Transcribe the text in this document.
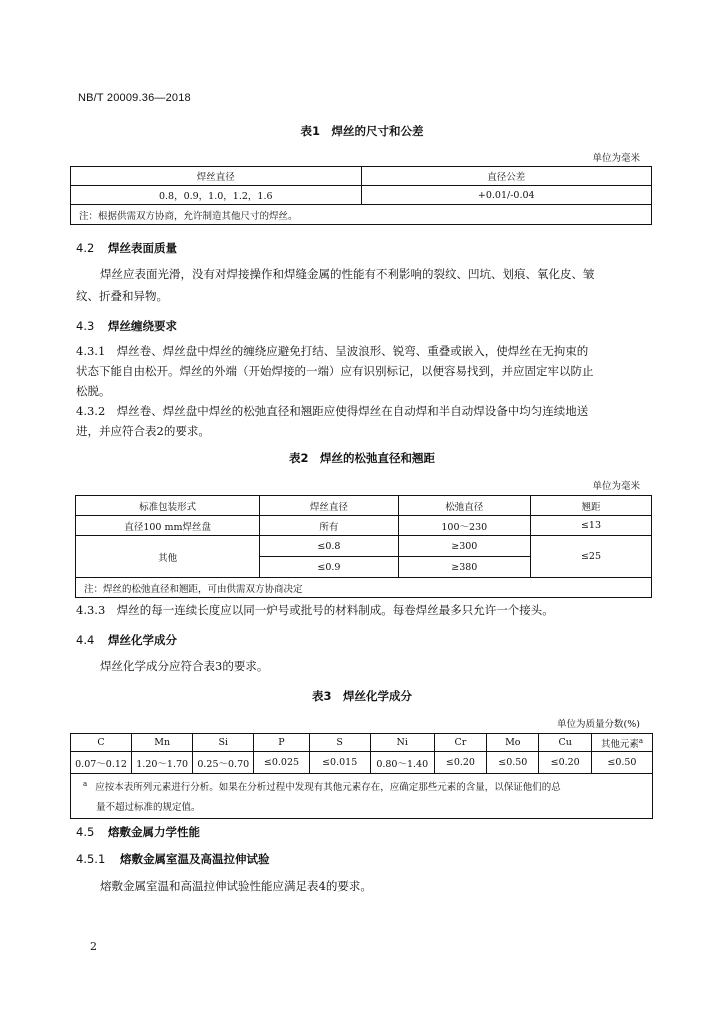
NB/T 20009.36—2018
表1　焊丝的尺寸和公差
单位为毫米
焊丝直径	直径公差
0.8，0.9，1.0，1.2，1.6	+0.01/-0.04
注：根据供需双方协商，允许制造其他尺寸的焊丝。	
4.2 焊丝表面质量
焊丝应表面光滑，没有对焊接操作和焊缝金属的性能有不利影响的裂纹、凹坑、划痕、氧化皮、皱
纹、折叠和异物。
4.3 焊丝缠绕要求
4.3.1　焊丝卷、焊丝盘中焊丝的缠绕应避免打结、呈波浪形、锐弯、重叠或嵌入，使焊丝在无拘束的
状态下能自由松开。焊丝的外端（开始焊接的一端）应有识别标记，以便容易找到，并应固定牢以防止
松脱。
4.3.2　焊丝卷、焊丝盘中焊丝的松弛直径和翘距应使得焊丝在自动焊和半自动焊设备中均匀连续地送
进，并应符合表2的要求。
表2　焊丝的松弛直径和翘距
单位为毫米
标准包装形式	焊丝直径	松弛直径	翘距
直径100 mm焊丝盘	所有	100～230	≤13
其他	≤0.8	≥300	≤25
	≤0.9	≥380	
注：焊丝的松弛直径和翘距，可由供需双方协商决定			
4.3.3　焊丝的每一连续长度应以同一炉号或批号的材料制成。每卷焊丝最多只允许一个接头。
4.4 焊丝化学成分
焊丝化学成分应符合表3的要求。
表3　焊丝化学成分
单位为质量分数(%)
C	Mn	Si	P	S	Ni	Cr	Mo	Cu	其他元素$^a$
0.07～0.12	1.20～1.70	0.25～0.70	≤0.025	≤0.015	0.80～1.40	≤0.20	≤0.50	≤0.20	≤0.50

$^a$ 应按本表所列元素进行分析。如果在分析过程中发现有其他元素存在，应确定那些元素的含量，以保证他们的总
量不超过标准的规定值。									
4.5 熔敷金属力学性能
4.5.1 熔敷金属室温及高温拉伸试验
熔敷金属室温和高温拉伸试验性能应满足表4的要求。
2
